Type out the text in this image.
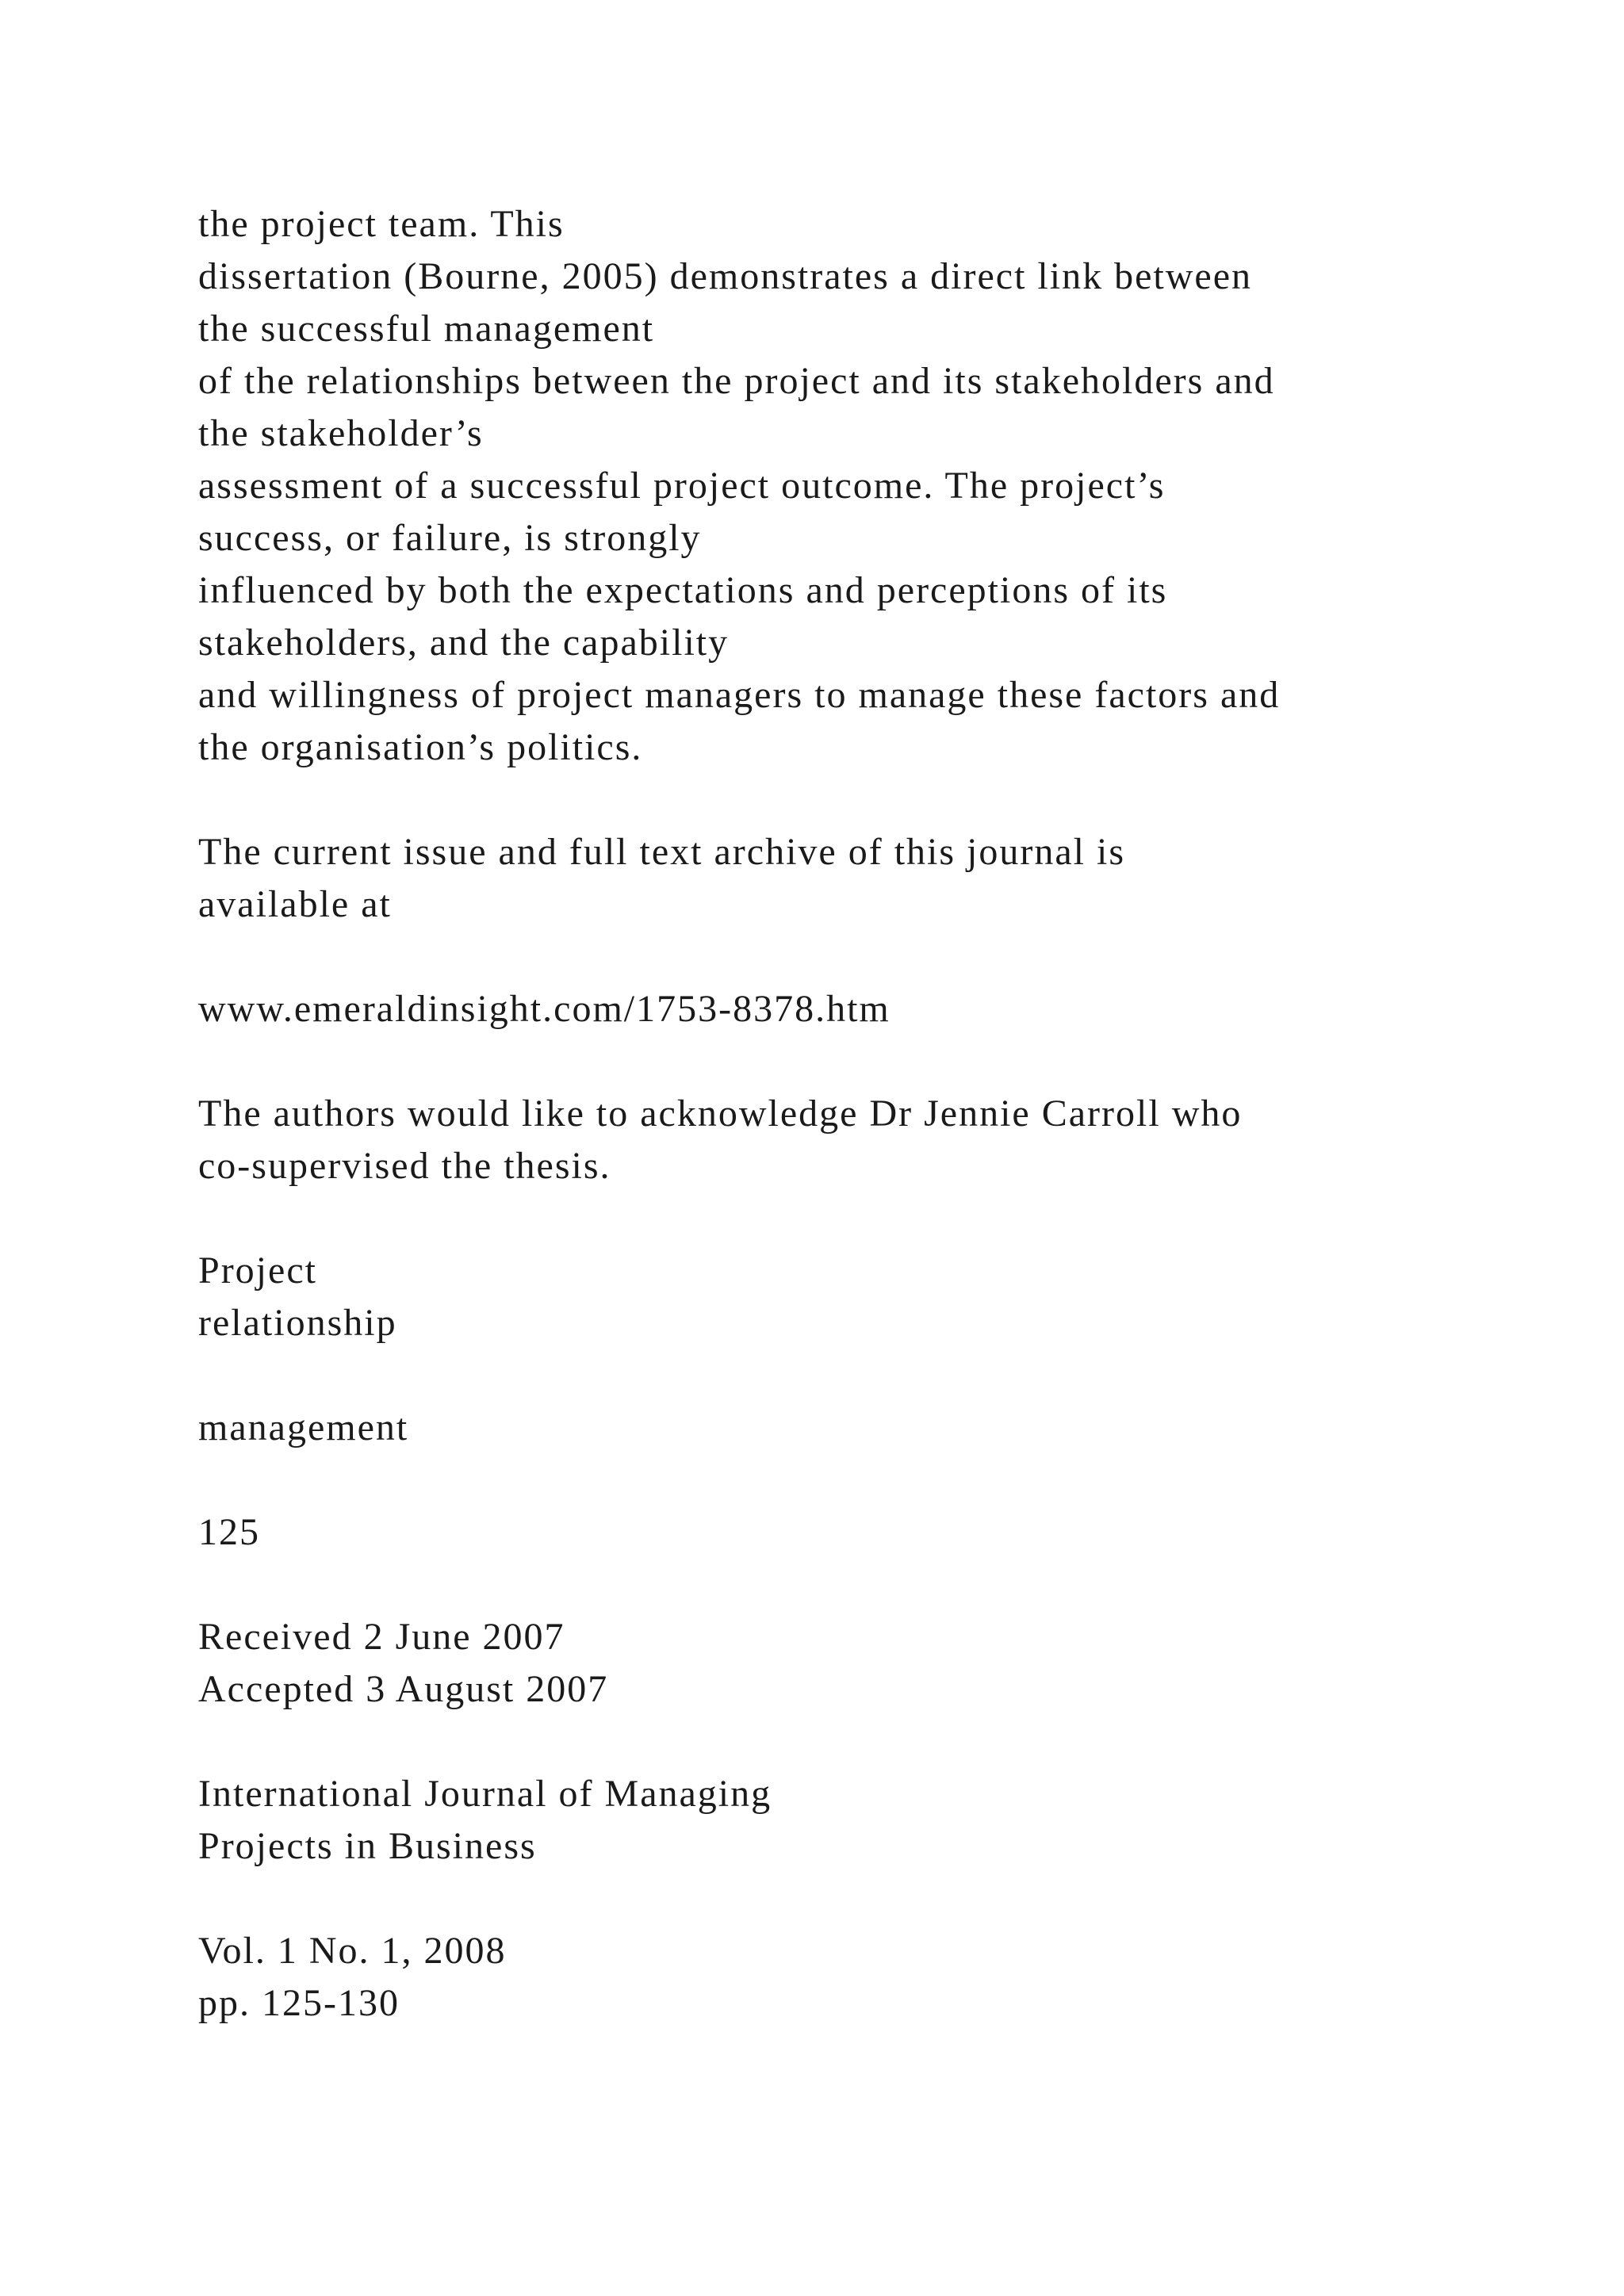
the project team. This
dissertation (Bourne, 2005) demonstrates a direct link between
the successful management
of the relationships between the project and its stakeholders and
the stakeholder’s
assessment of a successful project outcome. The project’s
success, or failure, is strongly
influenced by both the expectations and perceptions of its
stakeholders, and the capability
and willingness of project managers to manage these factors and
the organisation’s politics.
The current issue and full text archive of this journal is
available at
www.emeraldinsight.com/1753-8378.htm
The authors would like to acknowledge Dr Jennie Carroll who
co-supervised the thesis.
Project
relationship
management
125
Received 2 June 2007
Accepted 3 August 2007
International Journal of Managing
Projects in Business
Vol. 1 No. 1, 2008
pp. 125-130
